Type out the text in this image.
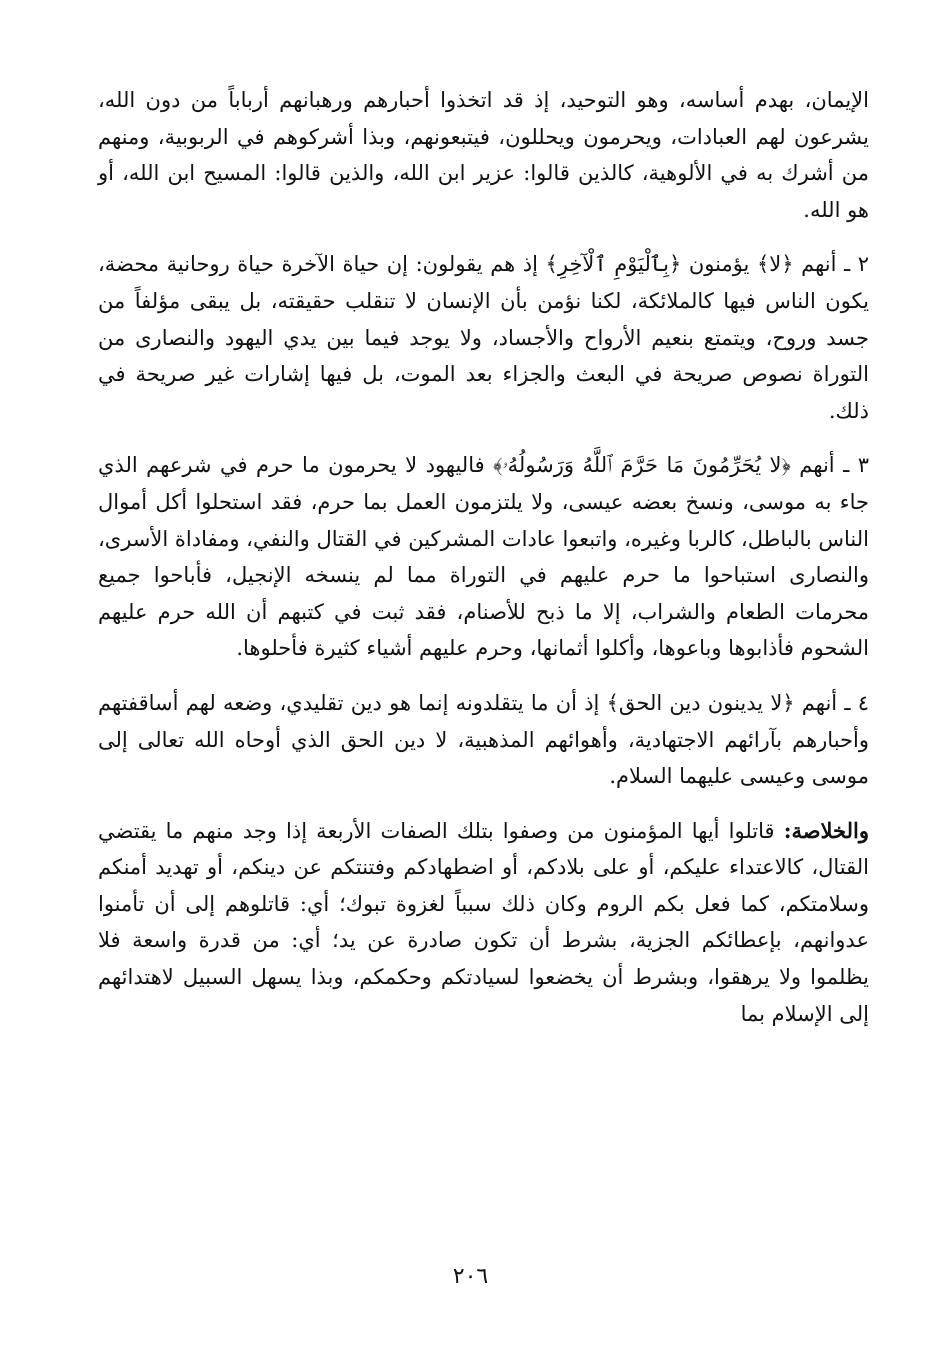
الإيمان، بهدم أساسه، وهو التوحيد، إذ قد اتخذوا أحبارهم ورهبانهم أرباباً من دون الله، يشرعون لهم العبادات، ويحرمون ويحللون، فيتبعونهم، وبذا أشركوهم في الربوبية، ومنهم من أشرك به في الألوهية، كالذين قالوا: عزير ابن الله، والذين قالوا: المسيح ابن الله، أو هو الله.

٢ ـ أنهم ﴿لا﴾ يؤمنون ﴿بِٱلْيَوْمِ ٱلْآخِرِ﴾ إذ هم يقولون: إن حياة الآخرة حياة روحانية محضة، يكون الناس فيها كالملائكة، لكنا نؤمن بأن الإنسان لا تنقلب حقيقته، بل يبقى مؤلفاً من جسد وروح، ويتمتع بنعيم الأرواح والأجساد، ولا يوجد فيما بين يدي اليهود والنصارى من التوراة نصوص صريحة في البعث والجزاء بعد الموت، بل فيها إشارات غير صريحة في ذلك.

٣ ـ أنهم ﴿لا يُحَرِّمُونَ مَا حَرَّمَ ٱللَّهُ وَرَسُولُهُۥ﴾ فاليهود لا يحرمون ما حرم في شرعهم الذي جاء به موسى، ونسخ بعضه عيسى، ولا يلتزمون العمل بما حرم، فقد استحلوا أكل أموال الناس بالباطل، كالربا وغيره، واتبعوا عادات المشركين في القتال والنفي، ومفاداة الأسرى، والنصارى استباحوا ما حرم عليهم في التوراة مما لم ينسخه الإنجيل، فأباحوا جميع محرمات الطعام والشراب، إلا ما ذبح للأصنام، فقد ثبت في كتبهم أن الله حرم عليهم الشحوم فأذابوها وباعوها، وأكلوا أثمانها، وحرم عليهم أشياء كثيرة فأحلوها.

٤ ـ أنهم ﴿لا يدينون دين الحق﴾ إذ أن ما يتقلدونه إنما هو دين تقليدي، وضعه لهم أساقفتهم وأحبارهم بآرائهم الاجتهادية، وأهوائهم المذهبية، لا دين الحق الذي أوحاه الله تعالى إلى موسى وعيسى عليهما السلام.

والخلاصة: قاتلوا أيها المؤمنون من وصفوا بتلك الصفات الأربعة إذا وجد منهم ما يقتضي القتال، كالاعتداء عليكم، أو على بلادكم، أو اضطهادكم وفتنتكم عن دينكم، أو تهديد أمنكم وسلامتكم، كما فعل بكم الروم وكان ذلك سبباً لغزوة تبوك؛ أي: قاتلوهم إلى أن تأمنوا عدوانهم، بإعطائكم الجزية، بشرط أن تكون صادرة عن يد؛ أي: من قدرة واسعة فلا يظلموا ولا يرهقوا، وبشرط أن يخضعوا لسيادتكم وحكمكم، وبذا يسهل السبيل لاهتدائهم إلى الإسلام بما

٢٠٦
